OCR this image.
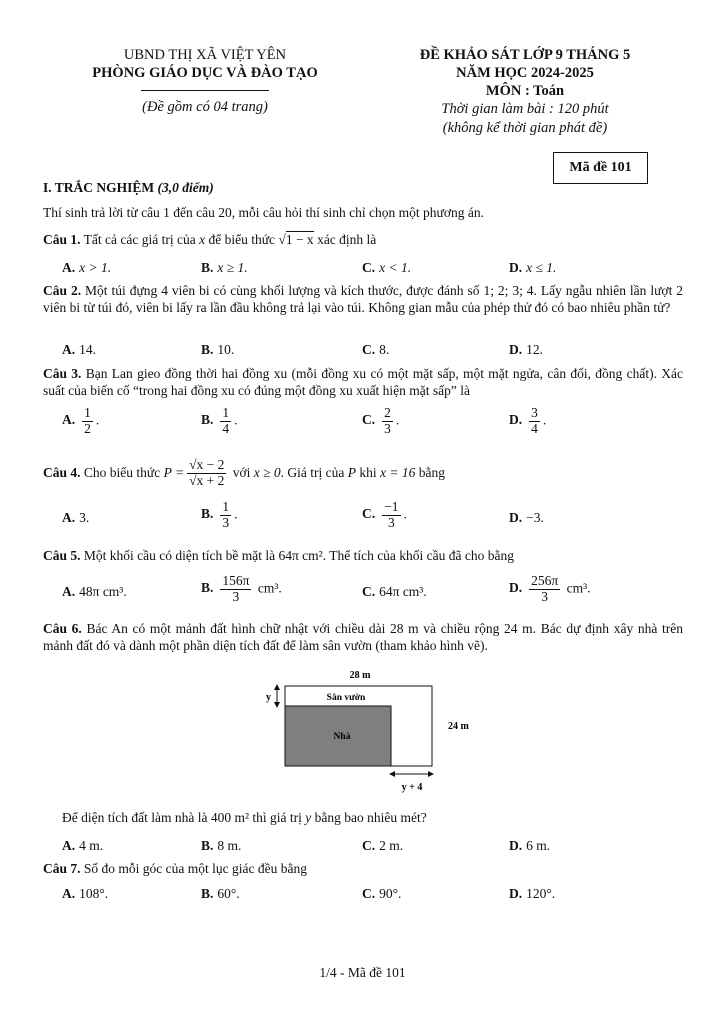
UBND THỊ XÃ VIỆT YÊN
PHÒNG GIÁO DỤC VÀ ĐÀO TẠO
(Đề gồm có 04 trang)
ĐỀ KHẢO SÁT LỚP 9 THÁNG 5
NĂM HỌC 2024-2025
MÔN : Toán
Thời gian làm bài : 120 phút
(không kể thời gian phát đề)
Mã đề 101
I. TRẮC NGHIỆM (3,0 điểm)
Thí sinh trả lời từ câu 1 đến câu 20, mỗi câu hỏi thí sinh chỉ chọn một phương án.
Câu 1. Tất cả các giá trị của x để biểu thức √1 − x xác định là
A. x > 1.	B. x ≥ 1.	C. x < 1.	D. x ≤ 1.
Câu 2. Một túi đựng 4 viên bi có cùng khối lượng và kích thước, được đánh số 1; 2; 3; 4. Lấy ngẫu nhiên lần lượt 2 viên bi từ túi đó, viên bi lấy ra lần đầu không trả lại vào túi. Không gian mẫu của phép thử đó có bao nhiêu phần tử?
A. 14.	B. 10.	C. 8.	D. 12.
Câu 3. Bạn Lan gieo đồng thời hai đồng xu (mỗi đồng xu có một mặt sấp, một mặt ngửa, cân đối, đồng chất). Xác suất của biến cố “trong hai đồng xu có đúng một đồng xu xuất hiện mặt sấp” là
A. $\frac{1}{2}$ .	B. $\frac{1}{4}$ .	C. $\frac{2}{3}$ .	D. $\frac{3}{4}$ .
Câu 4.
Cho biểu thức
$P = \frac{√x - 2}{√x + 2}$
với
x ≥ 0 . Giá trị của
P
khi
x = 16
bằng
A. 3.	B. $\frac{1}{3}$ .	C. $\frac{-1}{3}$ .	D. −3.
Câu 5. Một khối cầu có diện tích bề mặt là 64π cm². Thể tích của khối cầu đã cho bằng
A. 48π cm³.	B. $\frac{156\pi}{3} cm^3$.	C. 64π cm³.	D. $\frac{256\pi}{3} cm^3$.
Câu 6. Bác An có một mảnh đất hình chữ nhật với chiều dài 28 m và chiều rộng 24 m. Bác dự định xây nhà trên mảnh đất đó và dành một phần diện tích đất để làm sân vườn (tham khảo hình vẽ).
28 m
Sân vườn
Nhà
24 m
y
y + 4
Để diện tích đất làm nhà là 400 m² thì giá trị y bằng bao nhiêu mét?
A. 4 m.	B. 8 m.	C. 2 m.	D. 6 m.
Câu 7. Số đo mỗi góc của một lục giác đều bằng
A. 108°.	B. 60°.	C. 90°.	D. 120°.
1/4 - Mã đề 101
